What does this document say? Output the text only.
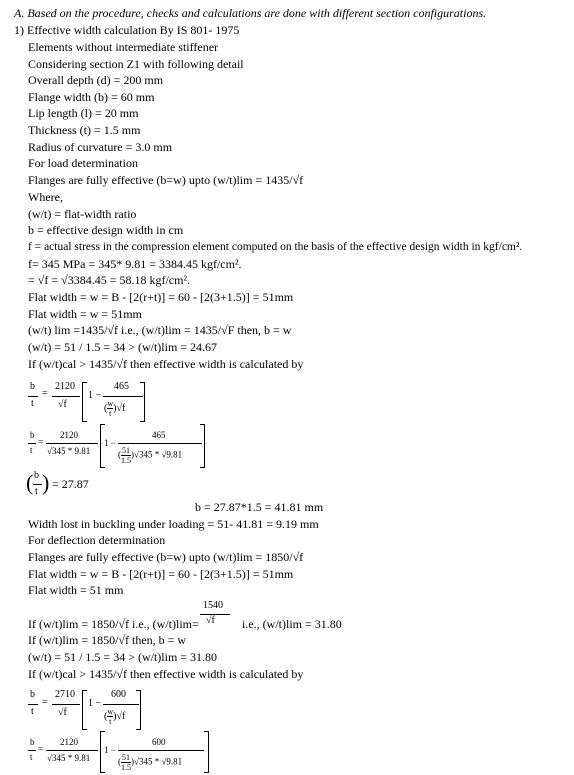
A. Based on the procedure, checks and calculations are done with different section configurations.
1) Effective width calculation By IS 801- 1975
Elements without intermediate stiffener
Considering section Z1 with following detail
Overall depth (d) = 200 mm
Flange width (b) = 60 mm
Lip length (l) = 20 mm
Thickness (t) = 1.5 mm
Radius of curvature = 3.0 mm
For load determination
Flanges are fully effective (b=w) upto (w/t)lim = 1435/√f
Where,
(w/t) = flat-width ratio
b = effective design width in cm
f = actual stress in the compression element computed on the basis of the effective design width in kgf/cm².
f= 345 MPa = 345* 9.81 = 3384.45 kgf/cm².
= √f = √3384.45 = 58.18 kgf/cm².
Flat width = w = B - [2(r+t)] = 60 - [2(3+1.5)] = 51mm
Flat width = w = 51mm
(w/t) lim =1435/√f i.e., (w/t)lim = 1435/√F then, b = w
(w/t) = 51 / 1.5 = 34 > (w/t)lim = 24.67
If (w/t)cal > 1435/√f then effective width is calculated by
b
t
=
2120
√f
1 −
465
( $\frac{w}{t} )√f$
b
t
=
2120
√345 * 9.81
1 −
465
( $\frac{51}{1.5} )√345 * √9.81$
( b
t ) = 27.87
b = 27.87*1.5 = 41.81 mm
Width lost in buckling under loading = 51- 41.81 = 9.19 mm
For deflection determination
Flanges are fully effective (b=w) upto (w/t)lim = 1850/√f
Flat width = w = B - [2(r+t)] = 60 - [2(3+1.5)] = 51mm
Flat width = 51 mm
If (w/t)lim = 1850/√f i.e., (w/t)lim=
1540
√f i.e., (w/t)lim = 31.80
If (w/t)lim = 1850/√f then, b = w
(w/t) = 51 / 1.5 = 34 > (w/t)lim = 31.80
If (w/t)cal > 1435/√f then effective width is calculated by
b
t
=
2710
√f
1 −
600
( $\frac{w}{t} )√f$
b
t
=
2120
√345 * 9.81
1 −
600
( $\frac{51}{1.5} )√345 * √9.81$
